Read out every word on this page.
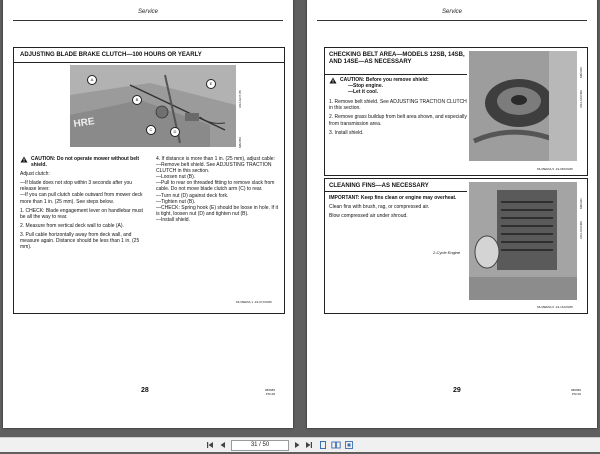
Service
ADJUSTING BLADE BRAKE CLUTCH—100 HOURS OR YEARLY
HRE
A
B
C	D
E
M82359
UN2-GOT-88
CAUTION: Do not operate mower without belt shield.

Adjust clutch:

—If blade does not stop within 3 seconds after you release lever.

—If you can pull clutch cable outward from mower deck more than 1 in. (25 mm). See steps below.

1. CHECK: Blade engagement lever on handlebar must be all the way to rear.

2. Measure from vertical deck wall to cable (A).

3. Pull cable horizontally away from deck wall, and measure again. Distance should be less than 1 in. (25 mm).

4. If distance is more than 1 in. (25 mm), adjust cable:

—Remove belt shield. See ADJUSTING TRACTION CLUTCH in this section.
—Loosen nut (B).
—Pull to rear on threaded fitting to remove slack from cable. Do not move blade clutch arm (C) to rear.
—Turn nut (D) against deck fork.
—Tighten nut (B).
—CHECK: Spring hook (E) should be loose in hole. If it is tight, loosen nut (D) and tighten nut (B).
—Install shield.
MU,BERIA,1 -19-07JUN89
28	080689
PN=28
Service
CHECKING BELT AREA—MODELS 12SB, 14SB, AND 14SE—AS NECESSARY
M82360
UN2-6JUN89
CAUTION: Before you remove shield:
—Stop engine.
—Let it cool.

1. Remove belt shield. See ADJUSTING TRACTION CLUTCH in this section.

2. Remove grass buildup from belt area shown, and especially from transmission area.

3. Install shield.

MU,BERIA,5 -19-08JUN89
CLEANING FINS—AS NECESSARY
M82361
UN2-6JUN89

IMPORTANT: Keep fins clean or engine may overheat.

Clean fins with brush, rag, or compressed air.

Blow compressed air under shroud.

2-Cycle Engine
MU,BERIA,6 -19-16JUN89
29	080689
PN=29
31 / 50
